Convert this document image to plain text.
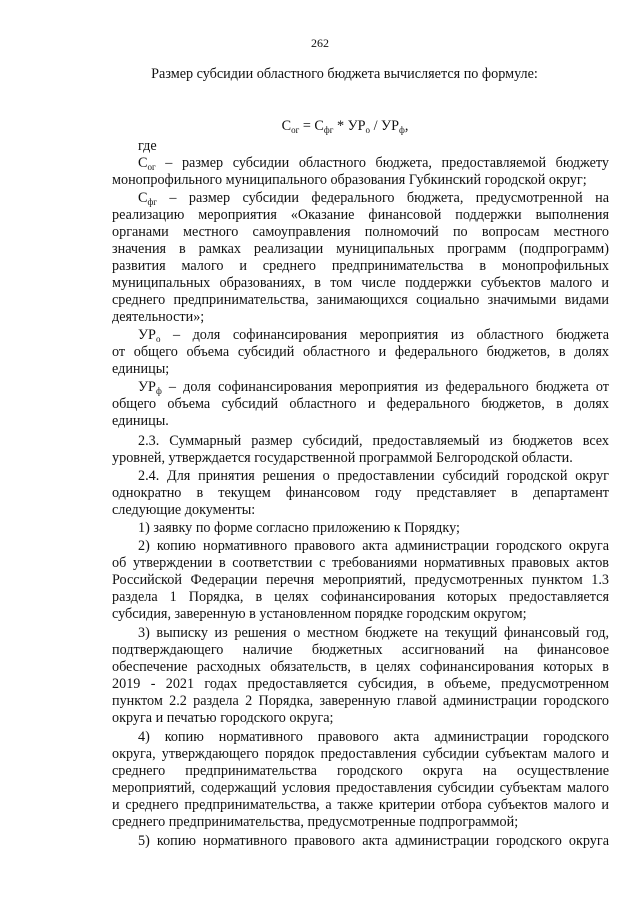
262

Размер субсидии областного бюджета вычисляется по формуле:

$С_{ог} = С_{фг} * УР_о / УР_ф$,

где

$С_{ог}$ – размер субсидии областного бюджета, предоставляемой бюджету

монопрофильного муниципального образования Губкинский городской округ;

$С_{фг}$ – размер субсидии федерального бюджета, предусмотренной на

реализацию мероприятия «Оказание финансовой поддержки выполнения

органами местного самоуправления полномочий по вопросам местного

значения в рамках реализации муниципальных программ (подпрограмм)

развития малого и среднего предпринимательства в монопрофильных

муниципальных образованиях, в том числе поддержки субъектов малого и

среднего предпринимательства, занимающихся социально значимыми видами

деятельности»;

$УР_о$ – доля софинансирования мероприятия из областного бюджета

от общего объема субсидий областного и федерального бюджетов, в долях

единицы;

$УР_ф$ – доля софинансирования мероприятия из федерального бюджета от

общего объема субсидий областного и федерального бюджетов, в долях

единицы.

2.3. Суммарный размер субсидий, предоставляемый из бюджетов всех

уровней, утверждается государственной программой Белгородской области.

2.4. Для принятия решения о предоставлении субсидий городской округ

однократно в текущем финансовом году представляет в департамент

следующие документы:

1) заявку по форме согласно приложению к Порядку;

2) копию нормативного правового акта администрации городского округа

об утверждении в соответствии с требованиями нормативных правовых актов

Российской Федерации перечня мероприятий, предусмотренных пунктом 1.3

раздела 1 Порядка, в целях софинансирования которых предоставляется

субсидия, заверенную в установленном порядке городским округом;

3) выписку из решения о местном бюджете на текущий финансовый год,

подтверждающего наличие бюджетных ассигнований на финансовое

обеспечение расходных обязательств, в целях софинансирования которых в

2019 - 2021 годах предоставляется субсидия, в объеме, предусмотренном

пунктом 2.2 раздела 2 Порядка, заверенную главой администрации городского

округа и печатью городского округа;

4) копию нормативного правового акта администрации городского

округа, утверждающего порядок предоставления субсидии субъектам малого и

среднего предпринимательства городского округа на осуществление

мероприятий, содержащий условия предоставления субсидии субъектам малого

и среднего предпринимательства, а также критерии отбора субъектов малого и

среднего предпринимательства, предусмотренные подпрограммой;

5) копию нормативного правового акта администрации городского округа
